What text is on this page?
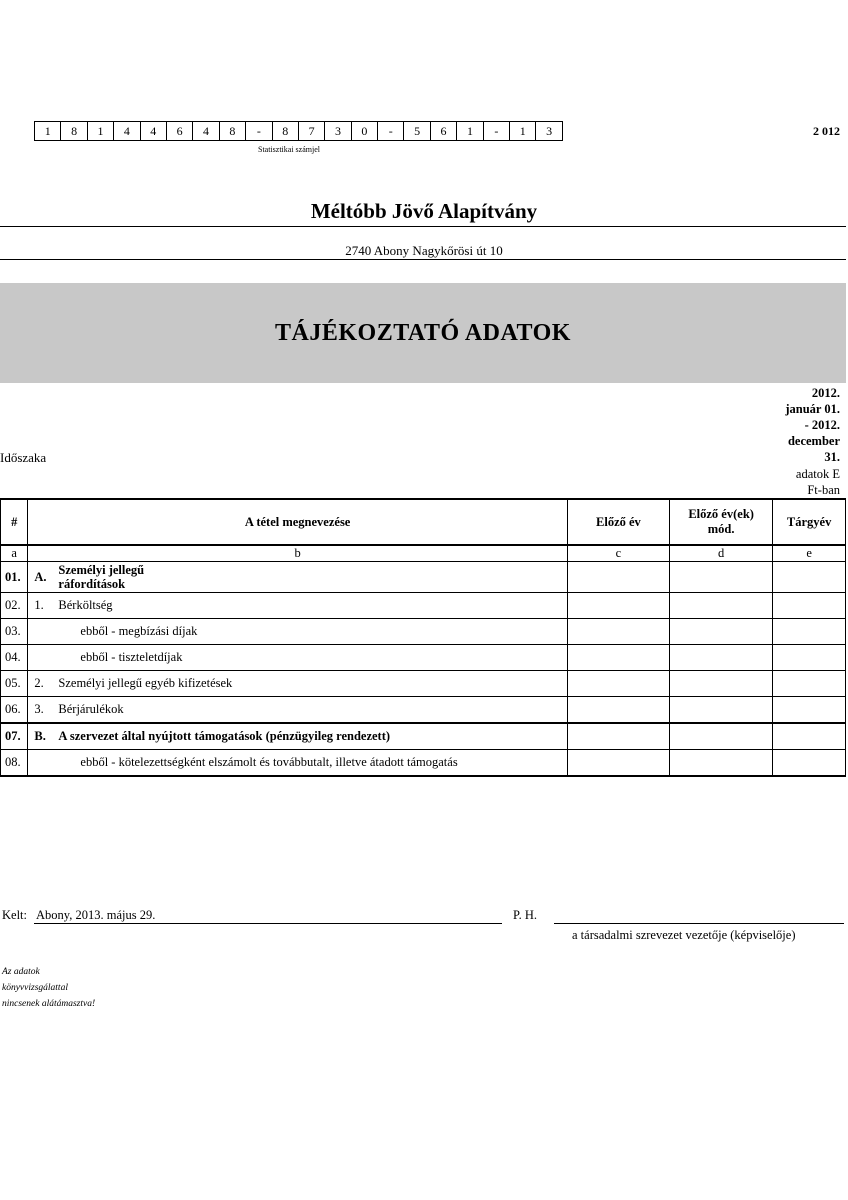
1	8	1	4	4	6	4	8	-	8	7	3	0	-	5	6	1	-	1	3
Statisztikai számjel
2 012
Méltóbb Jövő Alapítvány
2740 Abony Nagykőrösi út 10
TÁJÉKOZTATÓ ADATOK
2012.
január 01.
- 2012.
december
31.
Időszaka
adatok E
Ft-ban
#	A tétel megnevezése	Előző év	Előző év(ek) mód.	Tárgyév
a	b	c	d	e
01.	A. Személyi jellegű ráfordítások			

02.	1. Bérköltség			

03.	ebből - megbízási díjak			

04.	ebből - tiszteletdíjak			

05.	2. Személyi jellegű egyéb kifizetések			

06.	3. Bérjárulékok			

07.	B. A szervezet által nyújtott támogatások (pénzügyileg rendezett)			

08.	ebből - kötelezettségként elszámolt és továbbutalt, illetve átadott támogatás			

Kelt: Abony, 2013. május 29.	P. H.
a társadalmi szrevezet vezetője (képviselője)
Az adatok
könyvvizsgálattal
nincsenek alátámasztva!
